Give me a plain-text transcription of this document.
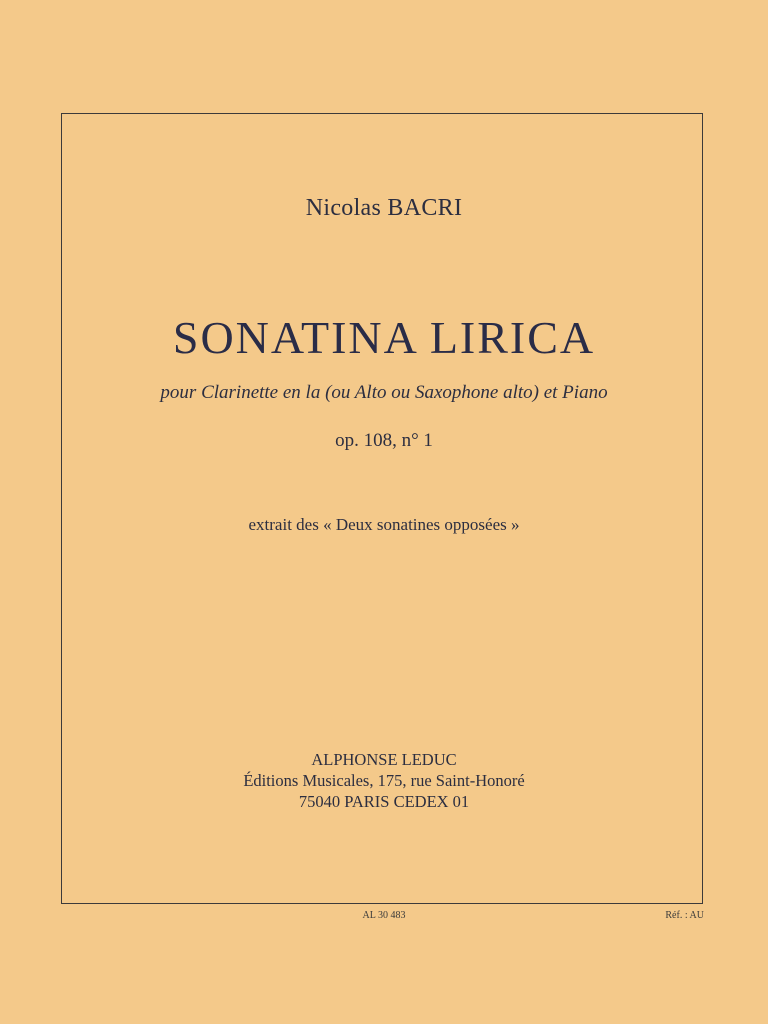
Nicolas BACRI
SONATINA LIRICA
pour Clarinette en la (ou Alto ou Saxophone alto) et Piano
op. 108, n° 1
extrait des « Deux sonatines opposées »
ALPHONSE LEDUC
Éditions Musicales, 175, rue Saint-Honoré
75040 PARIS CEDEX 01
AL 30 483	Réf. : AU
